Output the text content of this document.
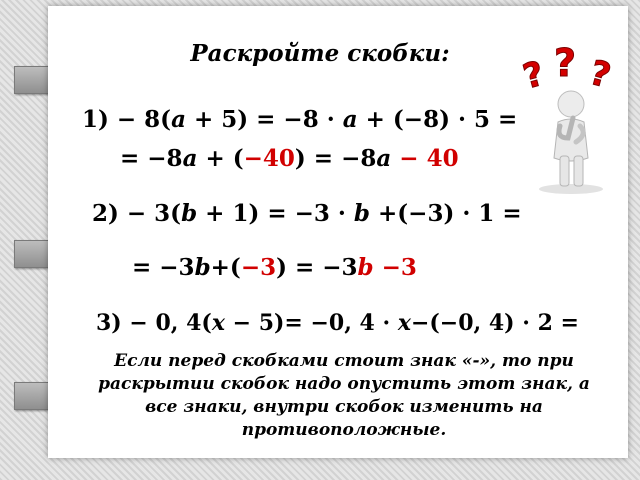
Раскройте скобки:
1) − 8(a + 5) = −8 · a + (−8) · 5 =
= −8a + (−40) = −8a − 40
2) − 3(b + 1) = −3 · b +(−3) · 1 =
= −3b+(−3) = −3b −3
3) − 0, 4(x − 5)= −0, 4 · x−(−0, 4) · 2 =
Если перед скобками стоит знак «-», то при раскрытии скобок надо опустить этот знак, а все знаки, внутри скобок изменить на противоположные.
? ? ?
